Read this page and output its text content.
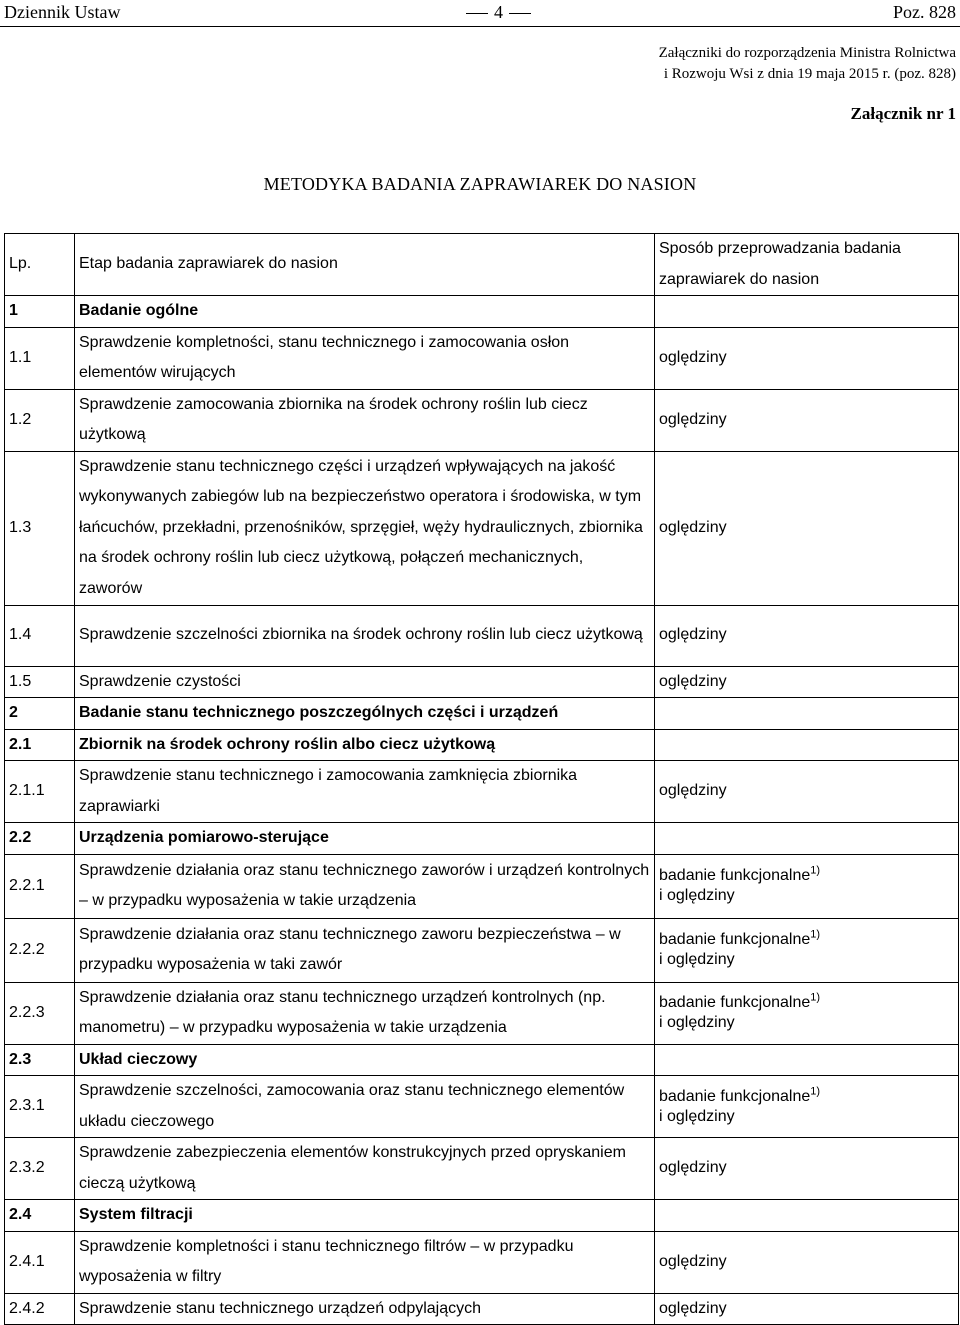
Dziennik Ustaw	4	Poz. 828
Załączniki do rozporządzenia Ministra Rolnictwa
i Rozwoju Wsi z dnia 19 maja 2015 r. (poz. 828)
Załącznik nr 1
METODYKA BADANIA ZAPRAWIAREK DO NASION
Lp.	Etap badania zaprawiarek do nasion	Sposób przeprowadzania badania zaprawiarek do nasion
1	Badanie ogólne	
1.1	Sprawdzenie kompletności, stanu technicznego i zamocowania osłon elementów wirujących	oględziny
1.2	Sprawdzenie zamocowania zbiornika na środek ochrony roślin lub ciecz użytkową	oględziny
1.3	Sprawdzenie stanu technicznego części i urządzeń wpływających na jakość wykonywanych zabiegów lub na bezpieczeństwo operatora i środowiska, w tym łańcuchów, przekładni, przenośników, sprzęgieł, węży hydraulicznych, zbiornika na środek ochrony roślin lub ciecz użytkową, połączeń mechanicznych, zaworów	oględziny
1.4	Sprawdzenie szczelności zbiornika na środek ochrony roślin lub ciecz użytkową	oględziny
1.5	Sprawdzenie czystości	oględziny
2	Badanie stanu technicznego poszczególnych części i urządzeń	
2.1	Zbiornik na środek ochrony roślin albo ciecz użytkową	
2.1.1	Sprawdzenie stanu technicznego i zamocowania zamknięcia zbiornika zaprawiarki	oględziny
2.2	Urządzenia pomiarowo-sterujące	
2.2.1	Sprawdzenie działania oraz stanu technicznego zaworów i urządzeń kontrolnych – w przypadku wyposażenia w takie urządzenia	badanie funkcjonalne$^{1)}$
i oględziny

2.2.2	Sprawdzenie działania oraz stanu technicznego zaworu bezpieczeństwa – w przypadku wyposażenia w taki zawór	badanie funkcjonalne$^{1)}$
i oględziny

2.2.3	Sprawdzenie działania oraz stanu technicznego urządzeń kontrolnych (np. manometru) – w przypadku wyposażenia w takie urządzenia	badanie funkcjonalne$^{1)}$
i oględziny

2.3	Układ cieczowy	
2.3.1	Sprawdzenie szczelności, zamocowania oraz stanu technicznego elementów układu cieczowego	badanie funkcjonalne$^{1)}$
i oględziny

2.3.2	Sprawdzenie zabezpieczenia elementów konstrukcyjnych przed opryskaniem cieczą użytkową	oględziny
2.4	System filtracji	
2.4.1	Sprawdzenie kompletności i stanu technicznego filtrów – w przypadku wyposażenia w filtry	oględziny
2.4.2	Sprawdzenie stanu technicznego urządzeń odpylających	oględziny
